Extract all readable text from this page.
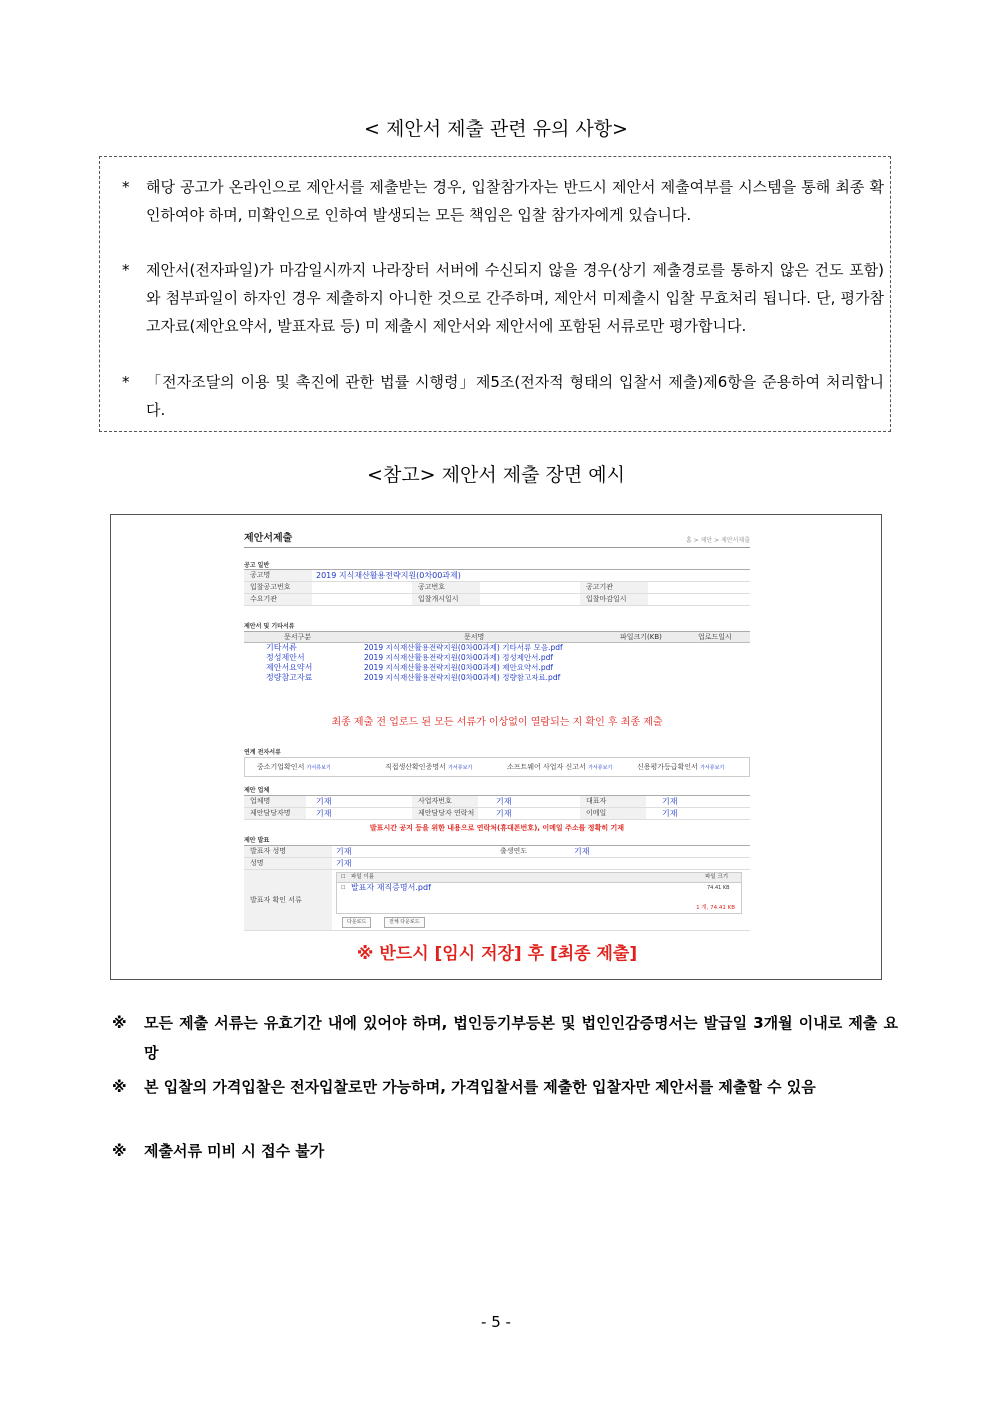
< 제안서 제출 관련 유의 사항>
*	해당 공고가 온라인으로 제안서를 제출받는 경우, 입찰참가자는 반드시 제안서 제출여부를 시스템을 통해 최종 확인하여야 하며, 미확인으로 인하여 발생되는 모든 책임은 입찰 참가자에게 있습니다.
*	제안서(전자파일)가 마감일시까지 나라장터 서버에 수신되지 않을 경우(상기 제출경로를 통하지 않은 건도 포함)와 첨부파일이 하자인 경우 제출하지 아니한 것으로 간주하며, 제안서 미제출시 입찰 무효처리 됩니다. 단, 평가참고자료(제안요약서, 발표자료 등) 미 제출시 제안서와 제안서에 포함된 서류로만 평가합니다.
*	「전자조달의 이용 및 촉진에 관한 법률 시행령」제5조(전자적 형태의 입찰서 제출)제6항을 준용하여 처리합니다.
<참고> 제안서 제출 장면 예시
제안서제출	홈 > 제안 > 제안서제출
공고 일반
공고명	2019 지식재산활용전략지원(0차00과제)
입찰공고번호	공고번호	공고기관
수요기관	입찰개시일시	입찰마감일시
제안서 및 기타서류
문서구분	문서명	파일크기(KB)	업로드일시
기타서류	2019 지식재산활용전략지원(0차00과제) 기타서류 모음.pdf
정성제안서	2019 지식재산활용전략지원(0차00과제) 정성제안서.pdf
제안서요약서	2019 지식재산활용전략지원(0차00과제) 제안요약서.pdf
정량참고자료	2019 지식재산활용전략지원(0차00과제) 정량참고자료.pdf
최종 제출 전 업로드 된 모든 서류가 이상없이 열람되는 지 확인 후 최종 제출
연계 전자서류
중소기업확인서 가서류보기	직접생산확인증명서 가서류보기	소프트웨어 사업자 신고서 가서류보기	신용평가등급확인서 가서류보기
제안 업체
업체명	기재	사업자번호	기재	대표자	기재
제안담당자명	기재	제안담당자 연락처	기재	이메일	기재
발표시간 공지 등을 위한 내용으로 연락처(휴대폰번호), 이메일 주소를 정확히 기재
제안 발표
발표자 성명	기재	출생연도	기재
성명	기재
발표자 확인 서류
☐ 파일 이름	파일 크기
☐ 발표자 재직증명서.pdf	74.41 KB
1 개, 74.41 KB
다운로드	전체 다운로드
※ 반드시 [임시 저장] 후 [최종 제출]
※ 모든 제출 서류는 유효기간 내에 있어야 하며, 법인등기부등본 및 법인인감증명서는 발급일 3개월 이내로 제출 요망
※ 본 입찰의 가격입찰은 전자입찰로만 가능하며, 가격입찰서를 제출한 입찰자만 제안서를 제출할 수 있음
※ 제출서류 미비 시 접수 불가
- 5 -
